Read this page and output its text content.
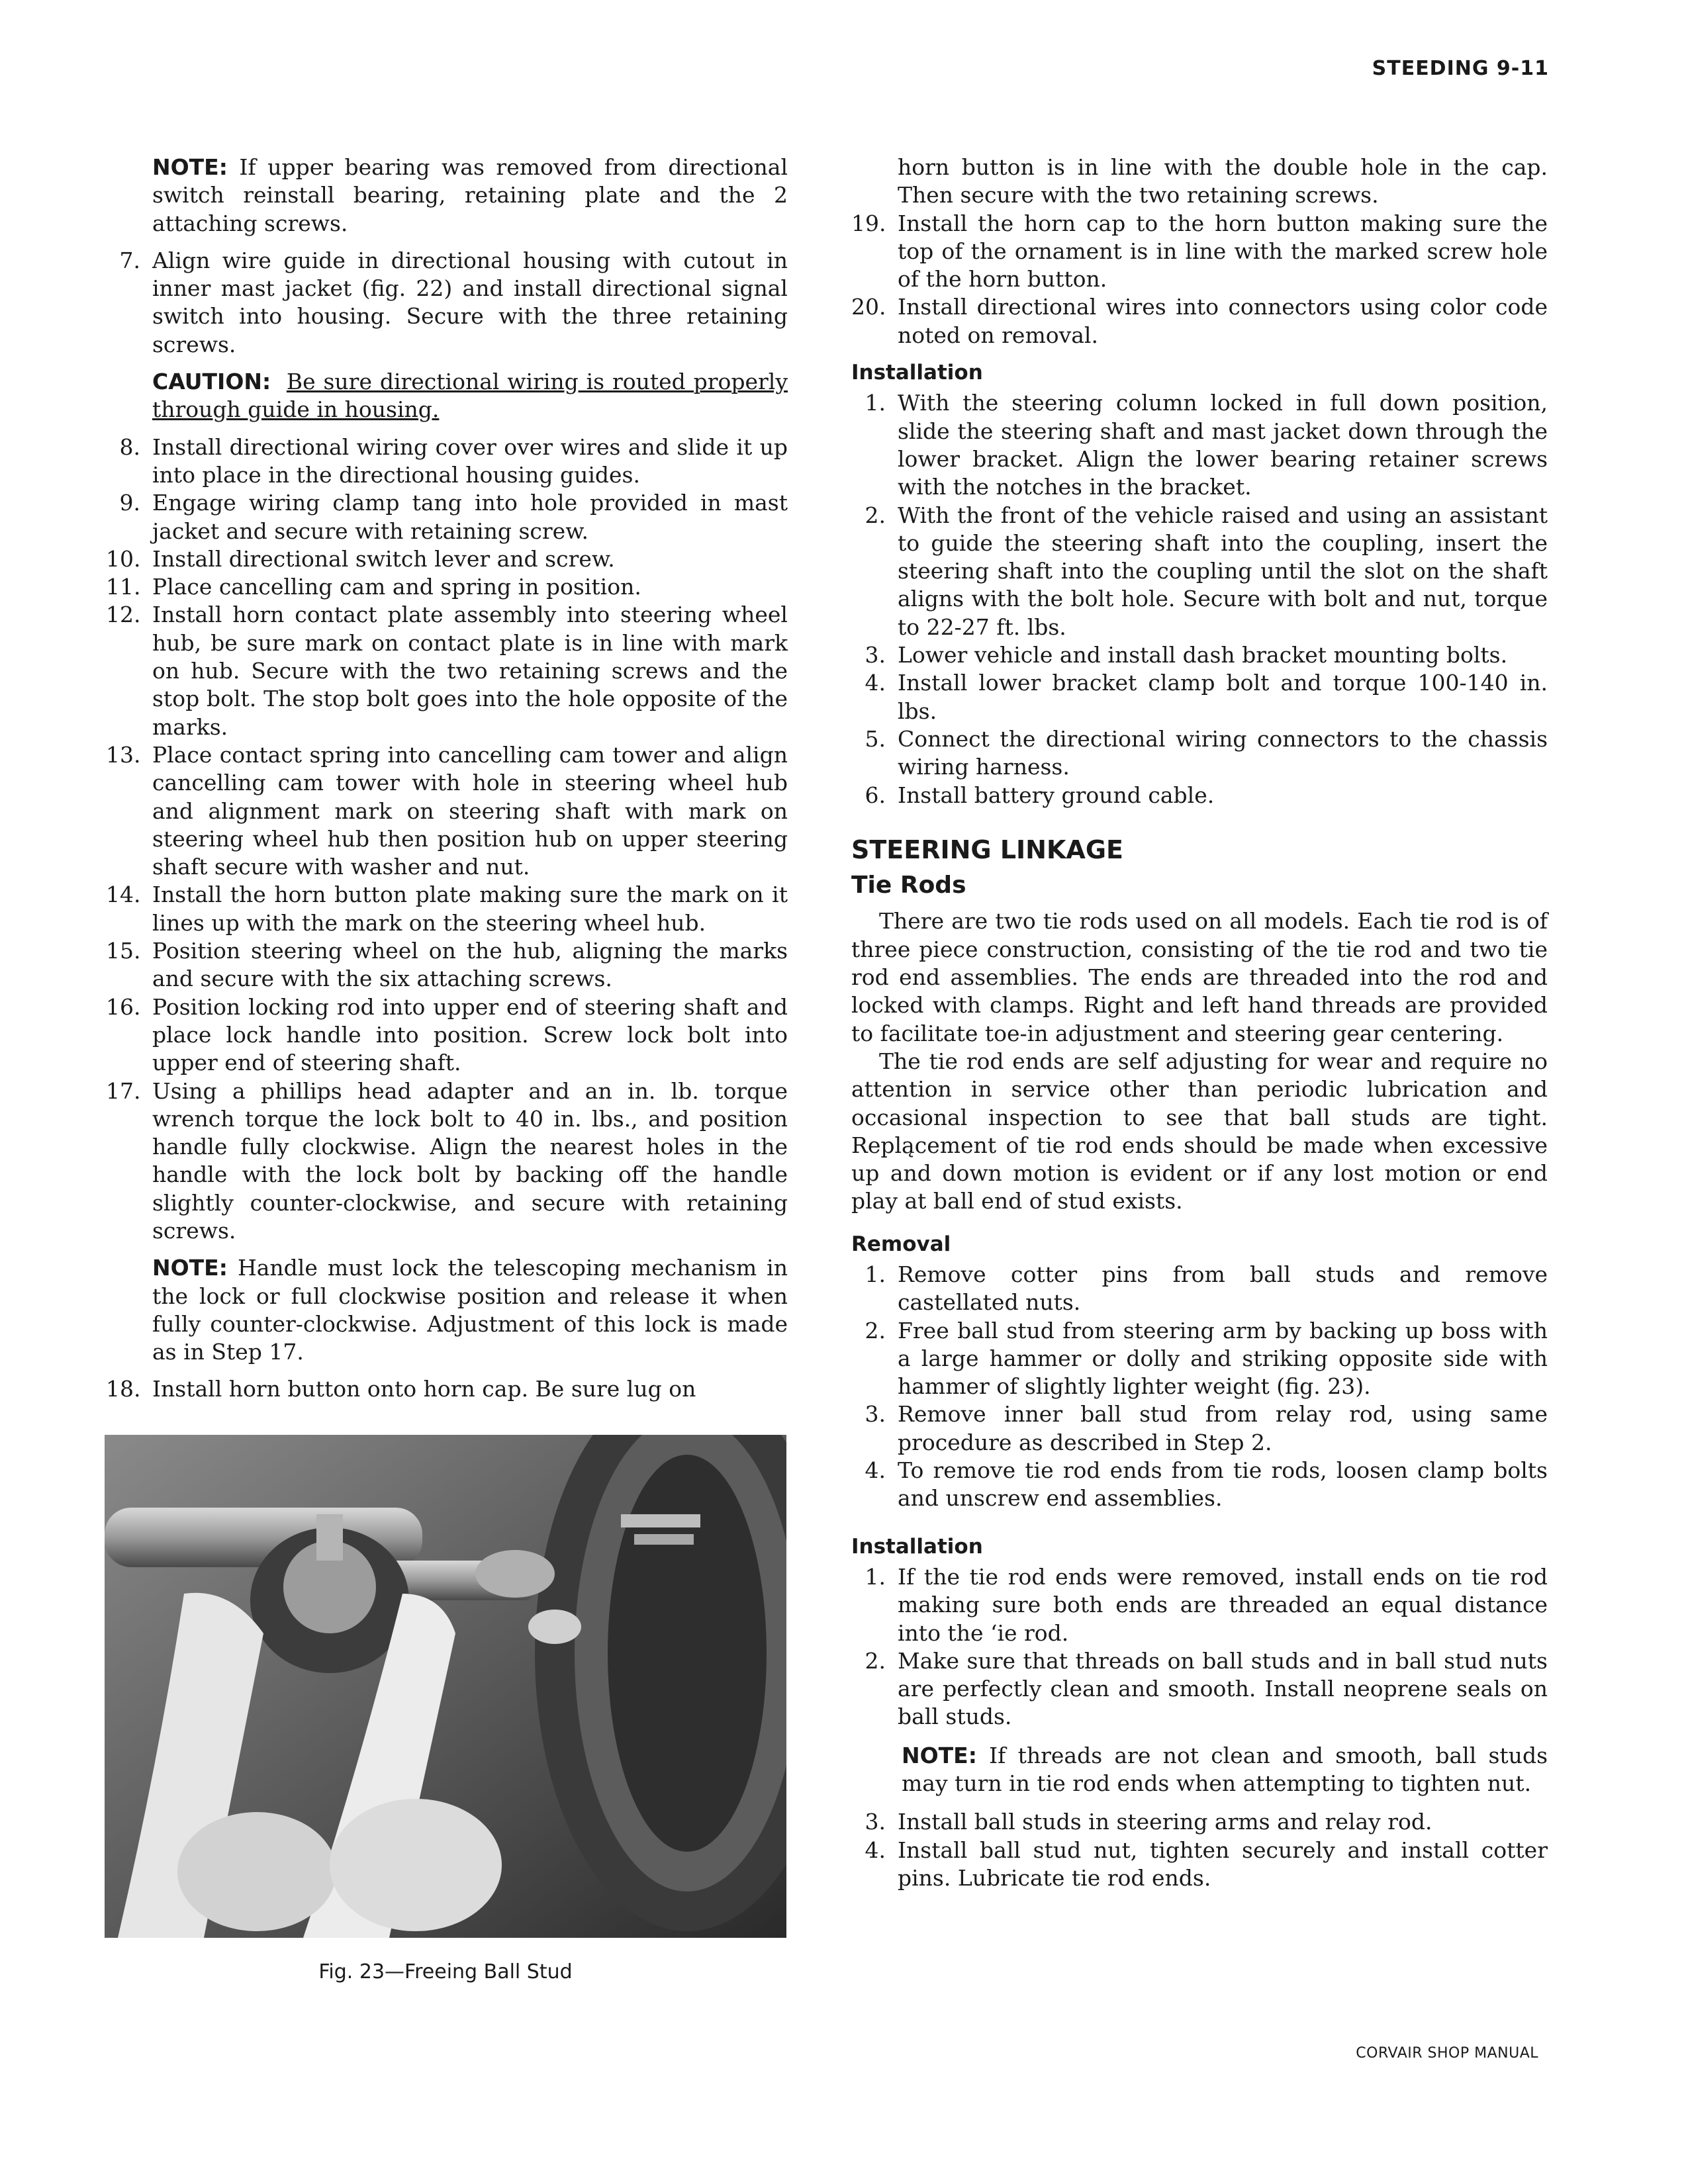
STEEDING 9-11

NOTE: If upper bearing was removed from directional switch reinstall bearing, retaining plate and the 2 attaching screws.

7. Align wire guide in directional housing with cutout in inner mast jacket (fig. 22) and install directional signal switch into housing. Secure with the three retaining screws.

CAUTION: Be sure directional wiring is routed properly through guide in housing.

8. Install directional wiring cover over wires and slide it up into place in the directional housing guides.
9. Engage wiring clamp tang into hole provided in mast jacket and secure with retaining screw.
10. Install directional switch lever and screw.
11. Place cancelling cam and spring in position.
12. Install horn contact plate assembly into steering wheel hub, be sure mark on contact plate is in line with mark on hub. Secure with the two retaining screws and the stop bolt. The stop bolt goes into the hole opposite of the marks.
13. Place contact spring into cancelling cam tower and align cancelling cam tower with hole in steering wheel hub and alignment mark on steering shaft with mark on steering wheel hub then position hub on upper steering shaft secure with washer and nut.
14. Install the horn button plate making sure the mark on it lines up with the mark on the steering wheel hub.
15. Position steering wheel on the hub, aligning the marks and secure with the six attaching screws.
16. Position locking rod into upper end of steering shaft and place lock handle into position. Screw lock bolt into upper end of steering shaft.
17. Using a phillips head adapter and an in. lb. torque wrench torque the lock bolt to 40 in. lbs., and position handle fully clockwise. Align the nearest holes in the handle with the lock bolt by backing off the handle slightly counter-clockwise, and secure with retaining screws.

NOTE: Handle must lock the telescoping mechanism in the lock or full clockwise position and release it when fully counter-clockwise. Adjustment of this lock is made as in Step 17.

18. Install horn button onto horn cap. Be sure lug on
Fig. 23—Freeing Ball Stud

horn button is in line with the double hole in the cap. Then secure with the two retaining screws.

19. Install the horn cap to the horn button making sure the top of the ornament is in line with the marked screw hole of the horn button.
20. Install directional wires into connectors using color code noted on removal.
Installation
1. With the steering column locked in full down position, slide the steering shaft and mast jacket down through the lower bracket. Align the lower bearing retainer screws with the notches in the bracket.
2. With the front of the vehicle raised and using an assistant to guide the steering shaft into the coupling, insert the steering shaft into the coupling until the slot on the shaft aligns with the bolt hole. Secure with bolt and nut, torque to 22-27 ft. lbs.
3. Lower vehicle and install dash bracket mounting bolts.
4. Install lower bracket clamp bolt and torque 100-140 in. lbs.
5. Connect the directional wiring connectors to the chassis wiring harness.
6. Install battery ground cable.
STEERING LINKAGE
Tie Rods

There are two tie rods used on all models. Each tie rod is of three piece construction, consisting of the tie rod and two tie rod end assemblies. The ends are threaded into the rod and locked with clamps. Right and left hand threads are provided to facilitate toe-in adjustment and steering gear centering.

The tie rod ends are self adjusting for wear and require no attention in service other than periodic lubrication and occasional inspection to see that ball studs are tight. Replącement of tie rod ends should be made when excessive up and down motion is evident or if any lost motion or end play at ball end of stud exists.

Removal
1. Remove cotter pins from ball studs and remove castellated nuts.
2. Free ball stud from steering arm by backing up boss with a large hammer or dolly and striking opposite side with hammer of slightly lighter weight (fig. 23).
3. Remove inner ball stud from relay rod, using same procedure as described in Step 2.
4. To remove tie rod ends from tie rods, loosen clamp bolts and unscrew end assemblies.
Installation
1. If the tie rod ends were removed, install ends on tie rod making sure both ends are threaded an equal distance into the ‘ie rod.
2. Make sure that threads on ball studs and in ball stud nuts are perfectly clean and smooth. Install neoprene seals on ball studs.

NOTE: If threads are not clean and smooth, ball studs may turn in tie rod ends when attempting to tighten nut.

3. Install ball studs in steering arms and relay rod.
4. Install ball stud nut, tighten securely and install cotter pins. Lubricate tie rod ends.
CORVAIR SHOP MANUAL
